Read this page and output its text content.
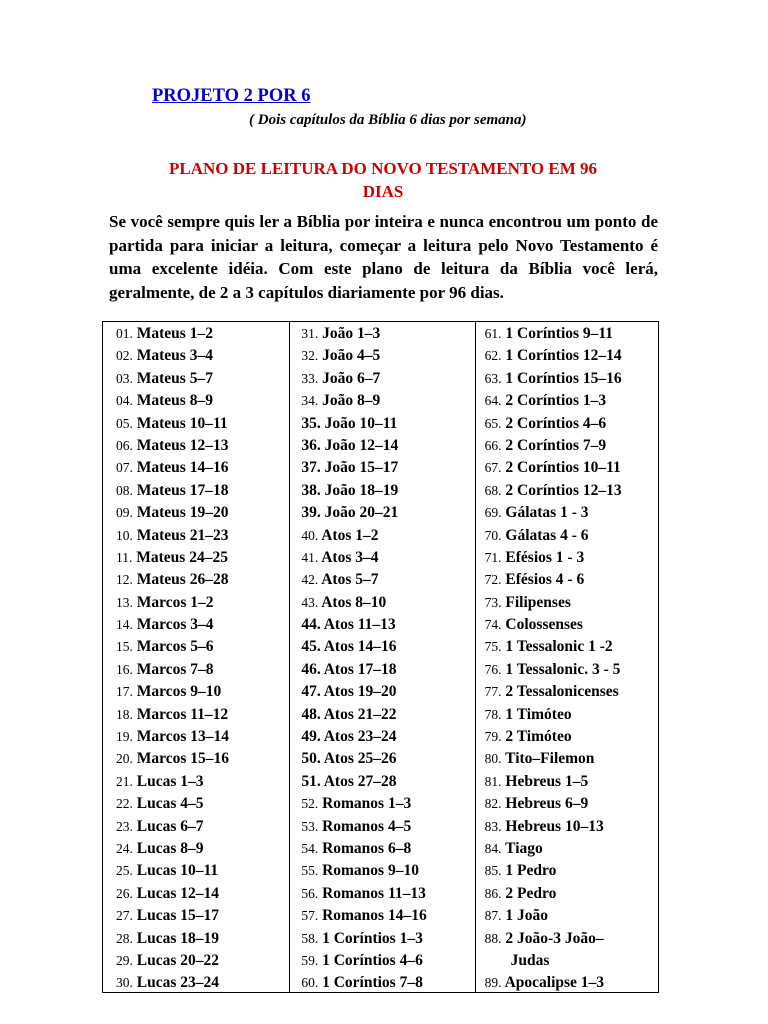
PROJETO 2 POR 6

( Dois capítulos da Bíblia 6 dias por semana)

PLANO DE LEITURA DO NOVO TESTAMENTO EM 96
DIAS

Se você sempre quis ler a Bíblia por inteira e nunca encontrou um ponto de partida para iniciar a leitura, começar a leitura pelo Novo Testamento é uma excelente idéia. Com este plano de leitura da Bíblia você lerá, geralmente, de 2 a 3 capítulos diariamente por 96 dias.

01. Mateus 1–2
02. Mateus 3–4
03. Mateus 5–7
04. Mateus 8–9
05. Mateus 10–11
06. Mateus 12–13
07. Mateus 14–16
08. Mateus 17–18
09. Mateus 19–20
10. Mateus 21–23
11. Mateus 24–25
12. Mateus 26–28
13. Marcos 1–2
14. Marcos 3–4
15. Marcos 5–6
16. Marcos 7–8
17. Marcos 9–10
18. Marcos 11–12
19. Marcos 13–14
20. Marcos 15–16
21. Lucas 1–3
22. Lucas 4–5
23. Lucas 6–7
24. Lucas 8–9
25. Lucas 10–11
26. Lucas 12–14
27. Lucas 15–17
28. Lucas 18–19
29. Lucas 20–22
30. Lucas 23–24
31. João 1–3
32. João 4–5
33. João 6–7
34. João 8–9
35. João 10–11
36. João 12–14
37. João 15–17
38. João 18–19
39. João 20–21
40. Atos 1–2
41. Atos 3–4
42. Atos 5–7
43. Atos 8–10
44. Atos 11–13
45. Atos 14–16
46. Atos 17–18
47. Atos 19–20
48. Atos 21–22
49. Atos 23–24
50. Atos 25–26
51. Atos 27–28
52. Romanos 1–3
53. Romanos 4–5
54. Romanos 6–8
55. Romanos 9–10
56. Romanos 11–13
57. Romanos 14–16
58. 1 Coríntios 1–3
59. 1 Coríntios 4–6
60. 1 Coríntios 7–8
61. 1 Coríntios 9–11
62. 1 Coríntios 12–14
63. 1 Coríntios 15–16
64. 2 Coríntios 1–3
65. 2 Coríntios 4–6
66. 2 Coríntios 7–9
67. 2 Coríntios 10–11
68. 2 Coríntios 12–13
69. Gálatas 1 - 3
70. Gálatas 4 - 6
71. Efésios 1 - 3
72. Efésios 4 - 6
73. Filipenses
74. Colossenses
75. 1 Tessalonic 1 -2
76. 1 Tessalonic. 3 - 5
77. 2 Tessalonicenses
78. 1 Timóteo
79. 2 Timóteo
80. Tito–Filemon
81. Hebreus 1–5
82. Hebreus 6–9
83. Hebreus 10–13
84. Tiago
85. 1 Pedro
86. 2 Pedro
87. 1 João
88. 2 João-3 João–
Judas
89. Apocalipse 1–3
